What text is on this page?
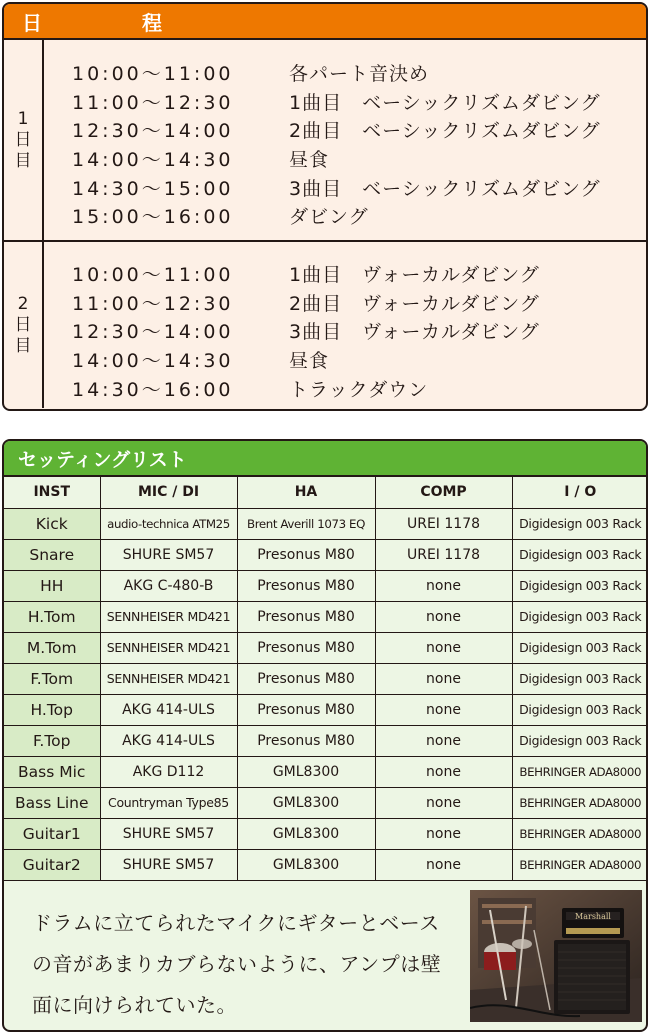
日　程
1
日
目
10:00〜11:00	各パート音決め
11:00〜12:30	1曲目　ベーシックリズムダビング
12:30〜14:00	2曲目　ベーシックリズムダビング
14:00〜14:30	昼食
14:30〜15:00	3曲目　ベーシックリズムダビング
15:00〜16:00	ダビング
2
日
目
10:00〜11:00	1曲目　ヴォーカルダビング
11:00〜12:30	2曲目　ヴォーカルダビング
12:30〜14:00	3曲目　ヴォーカルダビング
14:00〜14:30	昼食
14:30〜16:00	トラックダウン
セッティングリスト
INST	MIC / DI	HA	COMP	I / O
Kick	audio-technica ATM25	Brent Averill 1073 EQ	UREI 1178	Digidesign 003 Rack
Snare	SHURE SM57	Presonus M80	UREI 1178	Digidesign 003 Rack
HH	AKG C-480-B	Presonus M80	none	Digidesign 003 Rack
H.Tom	SENNHEISER MD421	Presonus M80	none	Digidesign 003 Rack
M.Tom	SENNHEISER MD421	Presonus M80	none	Digidesign 003 Rack
F.Tom	SENNHEISER MD421	Presonus M80	none	Digidesign 003 Rack
H.Top	AKG 414-ULS	Presonus M80	none	Digidesign 003 Rack
F.Top	AKG 414-ULS	Presonus M80	none	Digidesign 003 Rack
Bass Mic	AKG D112	GML8300	none	BEHRINGER ADA8000
Bass Line	Countryman Type85	GML8300	none	BEHRINGER ADA8000
Guitar1	SHURE SM57	GML8300	none	BEHRINGER ADA8000
Guitar2	SHURE SM57	GML8300	none	BEHRINGER ADA8000

ドラムに立てられたマイクにギターとベースの音があまりカブらないように、アンプは壁面に向けられていた。

Marshall
